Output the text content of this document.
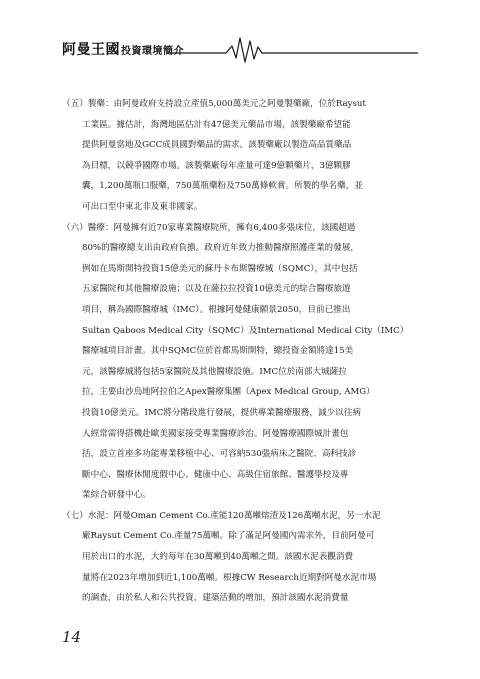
阿曼王國投資環境簡介
（五）製藥：由阿曼政府支持設立產值5,000萬美元之阿曼製藥廠，位於Raysut
工業區。據估計，海灣地區估計有47億美元藥品市場，該製藥廠希望能
提供阿曼當地及GCC成員國對藥品的需求。該製藥廠以製造高品質藥品
為目標，以競爭國際市場。該製藥廠每年產量可達9億顆藥片，3億顆膠
囊，1,200萬瓶口服藥，750萬瓶藥粉及750萬條軟膏。所製的學名藥，並
可出口至中東北非及東非國家。
（六）醫療：阿曼擁有近70家專業醫療院所，擁有6,400多張床位，該國超過
80%的醫療總支出由政府負擔。政府近年致力推動醫療照護產業的發展，
例如在馬斯開特投資15億美元的蘇丹卡布斯醫療城（SQMC），其中包括
五家醫院和其他醫療設施；以及在薩拉拉投資10億美元的綜合醫療旅遊
項目，稱為國際醫療城（IMC）。根據阿曼健康願景2050，目前已推出
Sultan Qaboos Medical City（SQMC）及International Medical City（IMC）
醫療城項目計畫。其中SQMC位於首都馬斯開特，總投資金額將達15美
元，該醫療城將包括5家醫院及其他醫療設施。IMC位於南部大城薩拉
拉，主要由沙烏地阿拉伯之Apex醫療集團（Apex Medical Group, AMG）
投資10億美元。IMC將分階段進行發展，提供專業醫療服務，減少以往病
人經常需得搭機赴歐美國家接受專業醫療診治。阿曼醫療國際城計畫包
括，設立首座多功能專業移植中心、可容納530張病床之醫院、高科技診
斷中心、醫療休閒度假中心、健康中心、高級住宿旅館、醫護學校及專
業綜合研發中心。
（七）水泥：阿曼Oman Cement Co.產能120萬噸熔渣及126萬噸水泥，另一水泥
廠Raysut Cement Co.產量75萬噸。除了滿足阿曼國內需求外，目前阿曼可
用於出口的水泥，大約每年在30萬噸到40萬噸之間。該國水泥表觀消費
量將在2023年增加到近1,100萬噸。根據CW Research近期對阿曼水泥市場
的調查，由於私人和公共投資，建築活動的增加，預計該國水泥消費量
14
